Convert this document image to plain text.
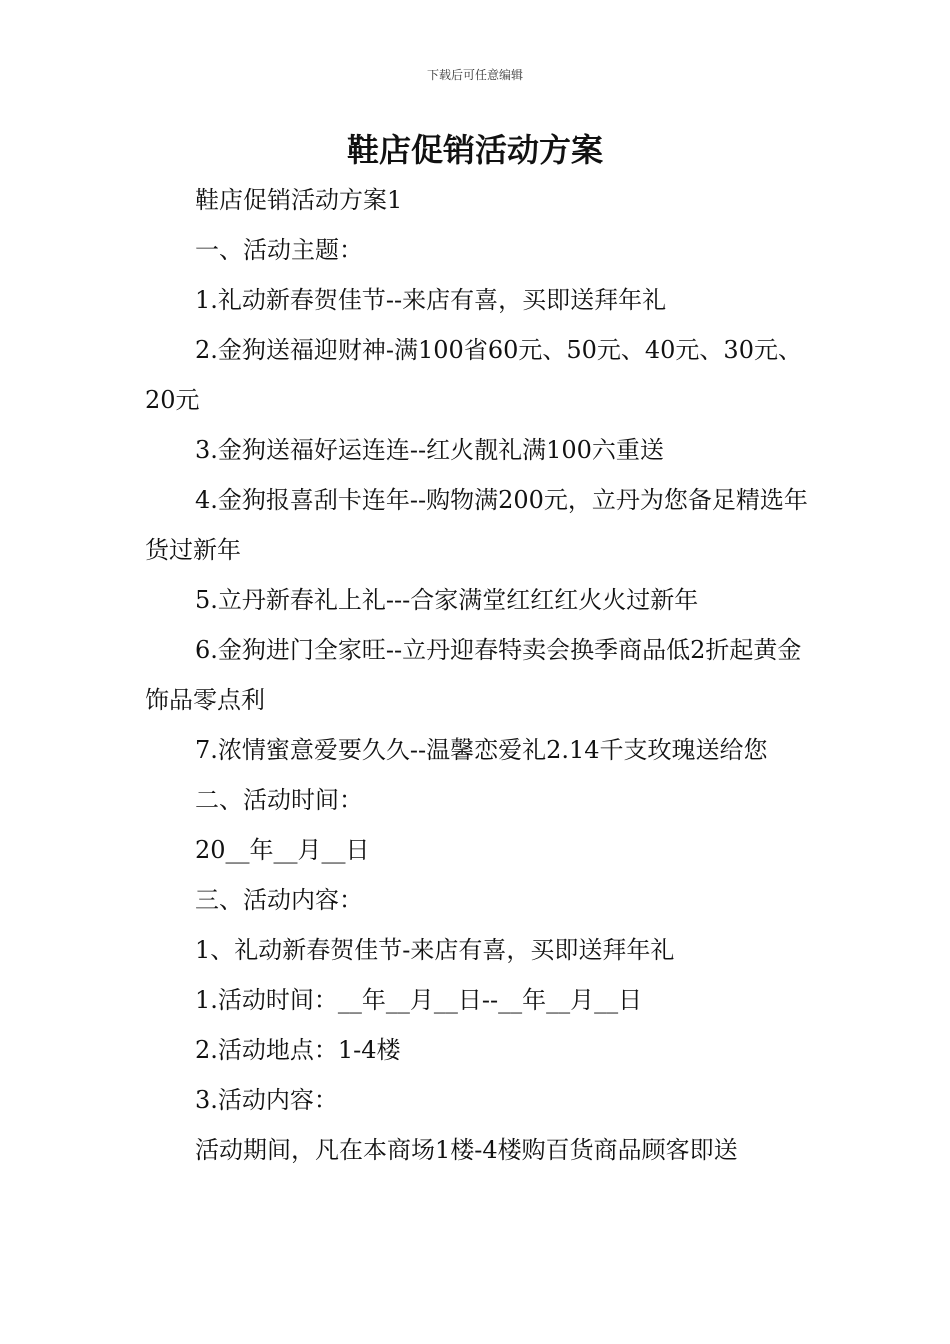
下载后可任意编辑
鞋店促销活动方案

鞋店促销活动方案1

一、活动主题：

1.礼动新春贺佳节--来店有喜，买即送拜年礼

2.金狗送福迎财神-满100省60元、50元、40元、30元、20元

3.金狗送福好运连连--红火靓礼满100六重送

4.金狗报喜刮卡连年--购物满200元，立丹为您备足精选年货过新年

5.立丹新春礼上礼---合家满堂红红红火火过新年

6.金狗进门全家旺--立丹迎春特卖会换季商品低2折起黄金饰品零点利

7.浓情蜜意爱要久久--温馨恋爱礼2.14千支玫瑰送给您

二、活动时间：

20__年__月__日

三、活动内容：

1、礼动新春贺佳节-来店有喜，买即送拜年礼

1.活动时间：__年__月__日--__年__月__日

2.活动地点：1-4楼

3.活动内容：

活动期间，凡在本商场1楼-4楼购百货商品顾客即送
